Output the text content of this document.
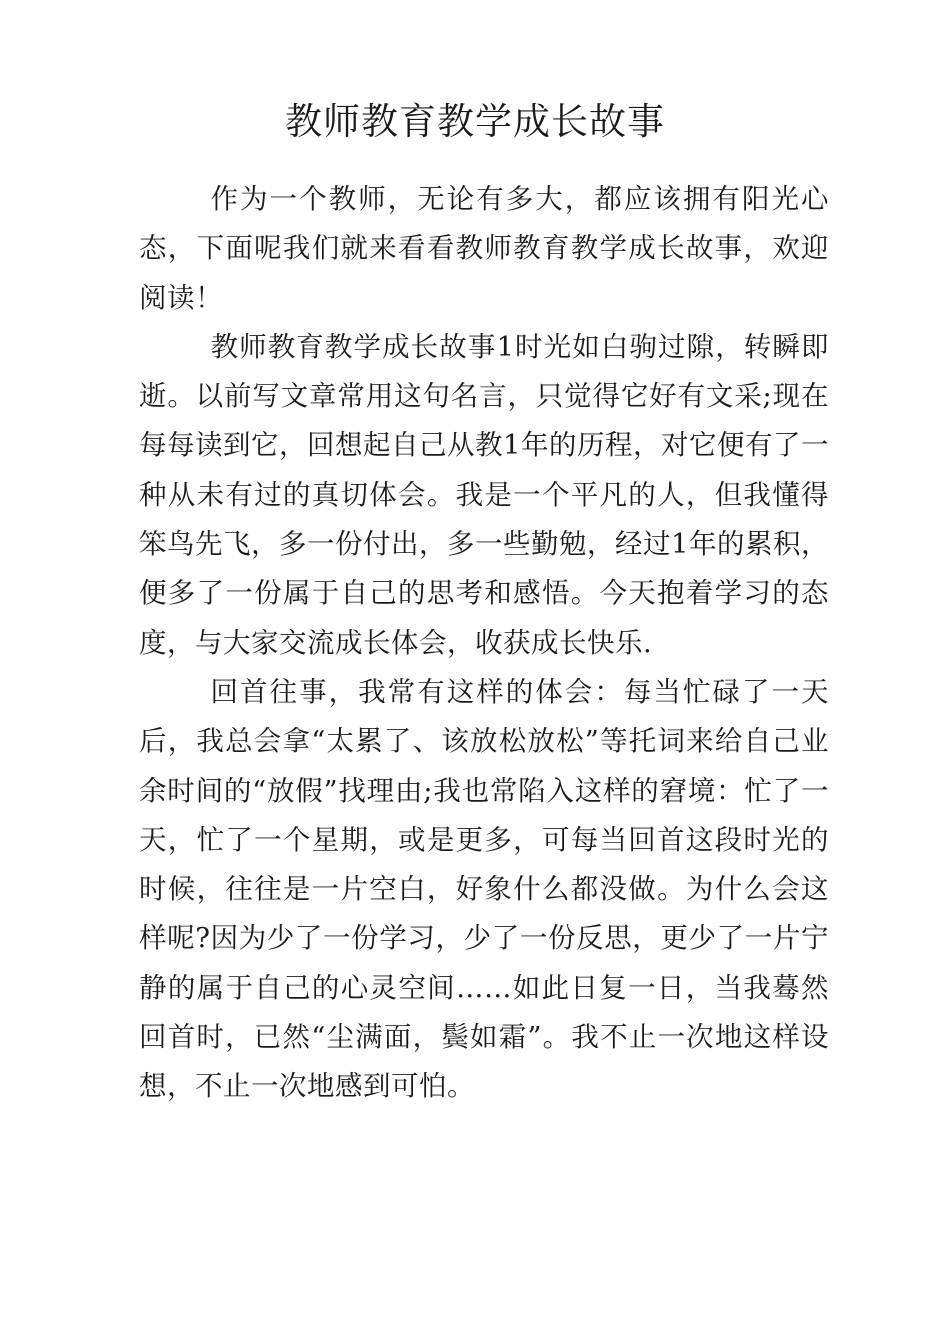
教师教育教学成长故事

作为一个教师，无论有多大，都应该拥有阳光心态，下面呢我们就来看看教师教育教学成长故事，欢迎阅读！

教师教育教学成长故事1时光如白驹过隙，转瞬即逝。以前写文章常用这句名言，只觉得它好有文采;现在每每读到它，回想起自己从教1年的历程，对它便有了一种从未有过的真切体会。我是一个平凡的人，但我懂得笨鸟先飞，多一份付出，多一些勤勉，经过1年的累积，便多了一份属于自己的思考和感悟。今天抱着学习的态度，与大家交流成长体会，收获成长快乐.

回首往事，我常有这样的体会：每当忙碌了一天后，我总会拿“太累了、该放松放松”等托词来给自己业余时间的“放假”找理由;我也常陷入这样的窘境：忙了一天，忙了一个星期，或是更多，可每当回首这段时光的时候，往往是一片空白，好象什么都没做。为什么会这样呢?因为少了一份学习，少了一份反思，更少了一片宁静的属于自己的心灵空间……如此日复一日，当我蓦然回首时，已然“尘满面，鬓如霜”。我不止一次地这样设想，不止一次地感到可怕。
